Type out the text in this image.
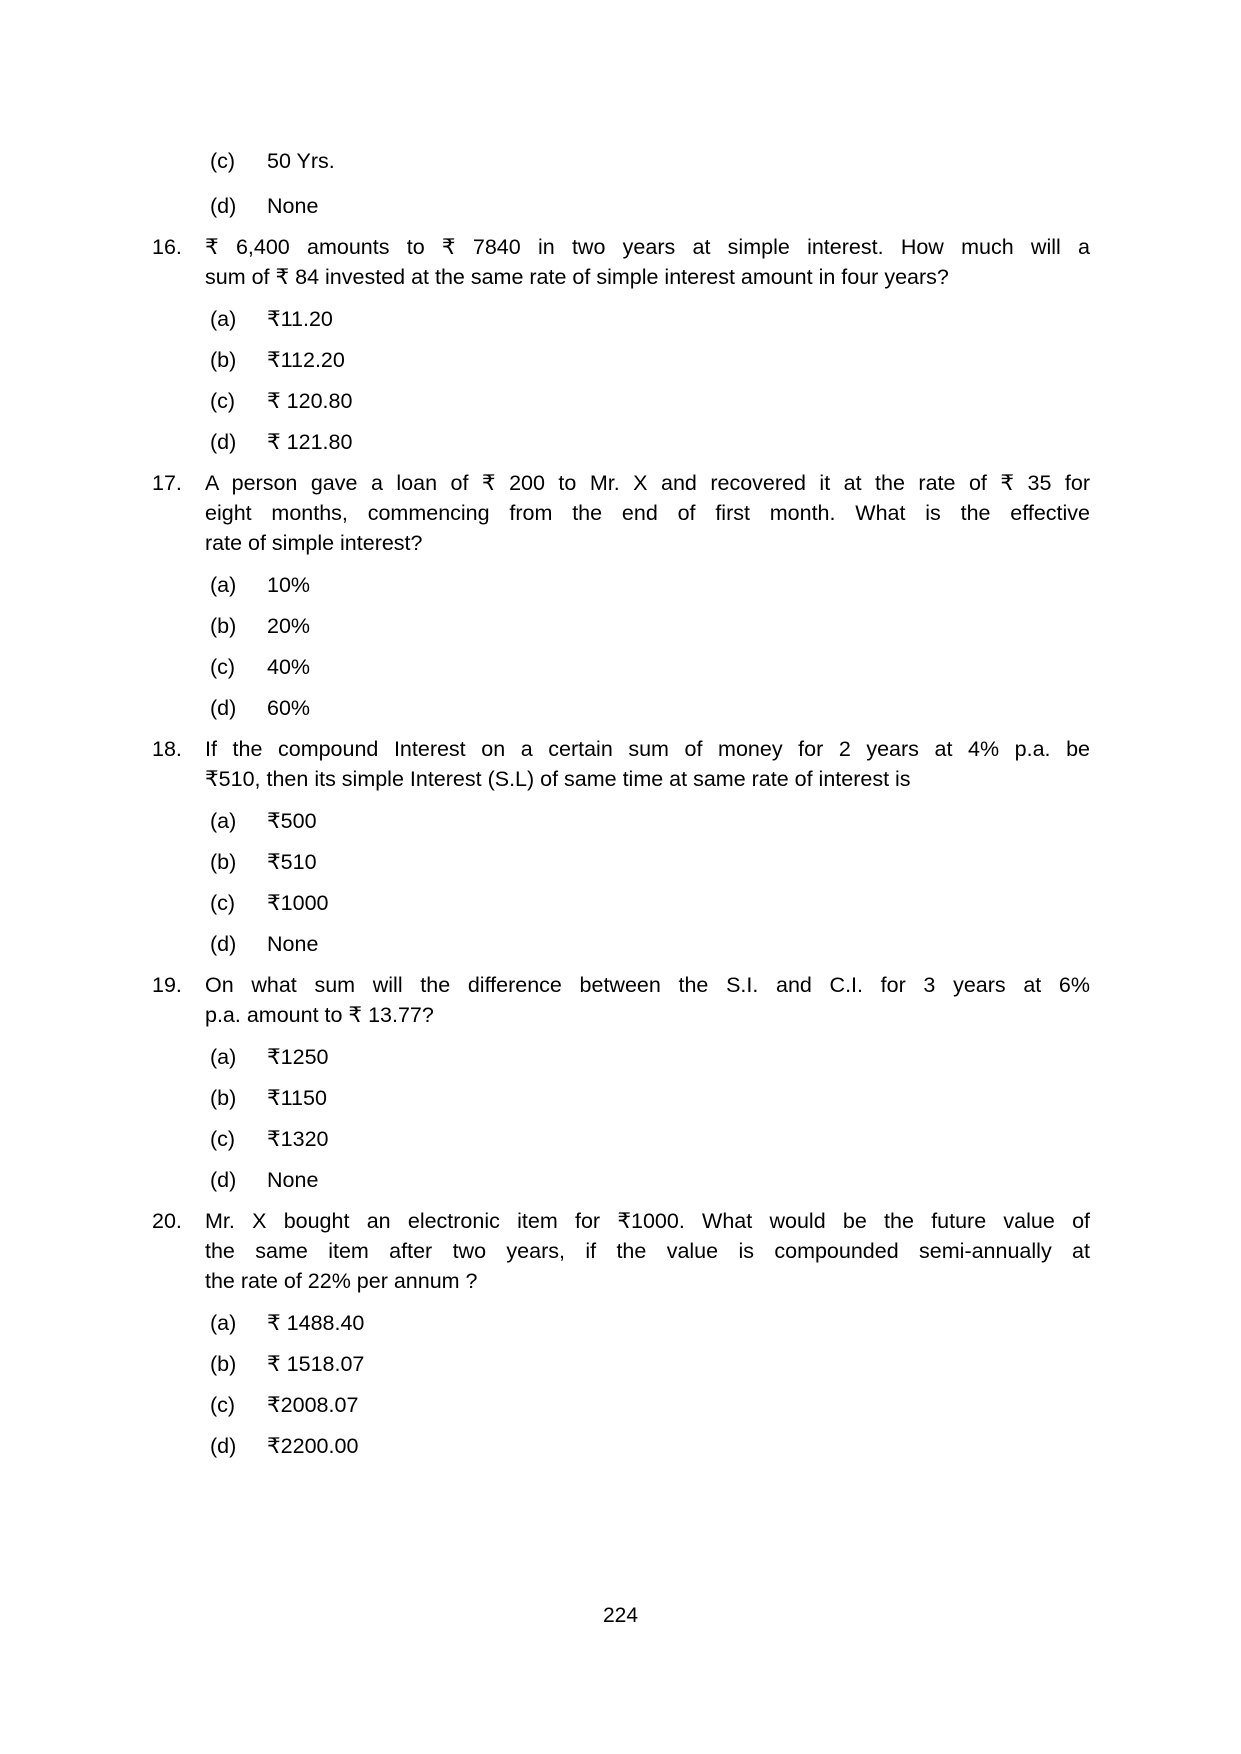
(c)	50 Yrs.
(d)	None
16.	₹ 6,400 amounts to ₹ 7840 in two years at simple interest. How much will a
sum of ₹ 84 invested at the same rate of simple interest amount in four years?
(a)	₹11.20
(b)	₹112.20
(c)	₹ 120.80
(d)	₹ 121.80
17.	A person gave a loan of ₹ 200 to Mr. X and recovered it at the rate of ₹ 35 for
eight months, commencing from the end of first month. What is the effective
rate of simple interest?
(a)	10%
(b)	20%
(c)	40%
(d)	60%
18.	If the compound Interest on a certain sum of money for 2 years at 4% p.a. be
₹510, then its simple Interest (S.L) of same time at same rate of interest is
(a)	₹500
(b)	₹510
(c)	₹1000
(d)	None
19.	On what sum will the difference between the S.I. and C.I. for 3 years at 6%
p.a. amount to ₹ 13.77?
(a)	₹1250
(b)	₹1150
(c)	₹1320
(d)	None
20.	Mr. X bought an electronic item for ₹1000. What would be the future value of
the same item after two years, if the value is compounded semi-annually at
the rate of 22% per annum ?
(a)	₹ 1488.40
(b)	₹ 1518.07
(c)	₹2008.07
(d)	₹2200.00
224
